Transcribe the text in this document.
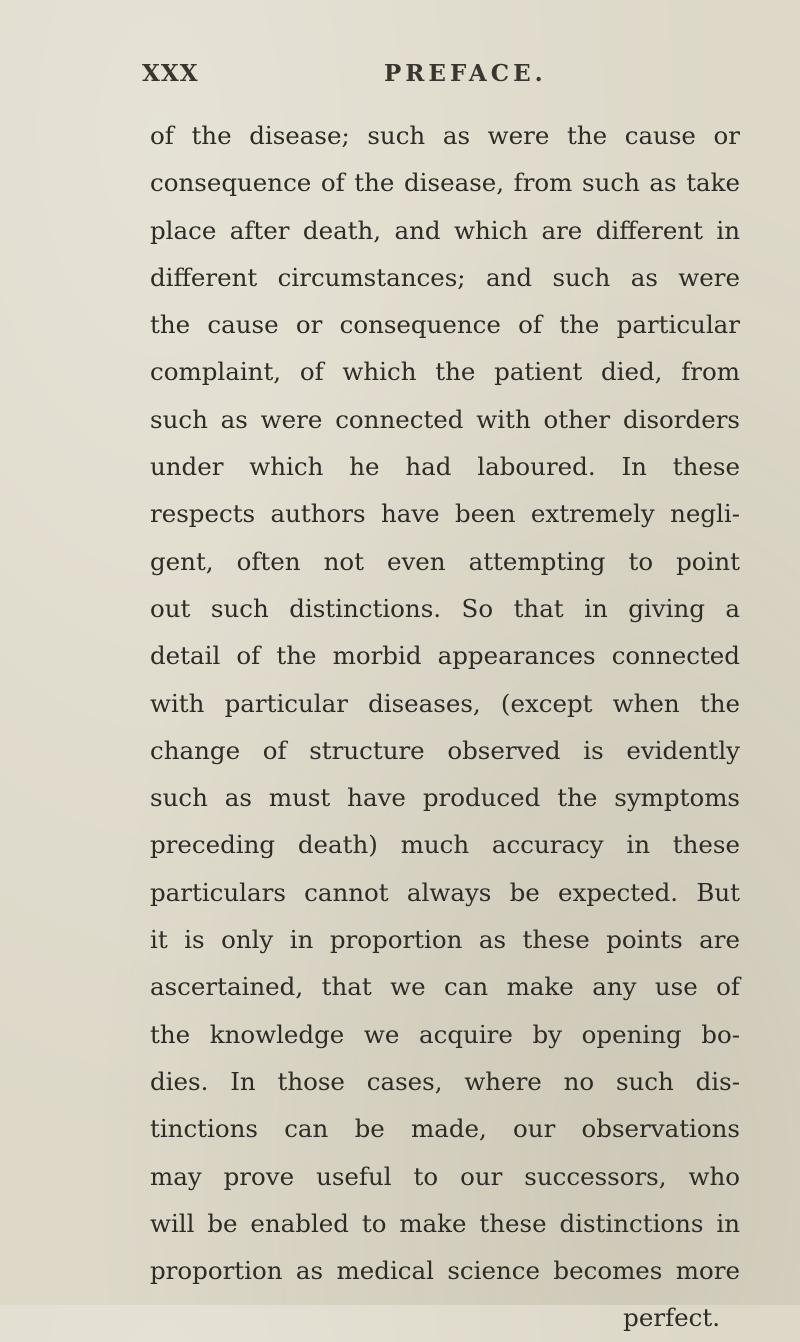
XXX	PREFACE.
of the disease; such as were the cause or
consequence of the disease, from such as take
place after death, and which are different in
different circumstances; and such as were
the cause or consequence of the particular
complaint, of which the patient died, from
such as were connected with other disorders
under which he had laboured. In these
respects authors have been extremely negli-
gent, often not even attempting to point
out such distinctions. So that in giving a
detail of the morbid appearances connected
with particular diseases, (except when the
change of structure observed is evidently
such as must have produced the symptoms
preceding death) much accuracy in these
particulars cannot always be expected. But
it is only in proportion as these points are
ascertained, that we can make any use of
the knowledge we acquire by opening bo-
dies. In those cases, where no such dis-
tinctions can be made, our observations
may prove useful to our successors, who
will be enabled to make these distinctions in
proportion as medical science becomes more
perfect.
